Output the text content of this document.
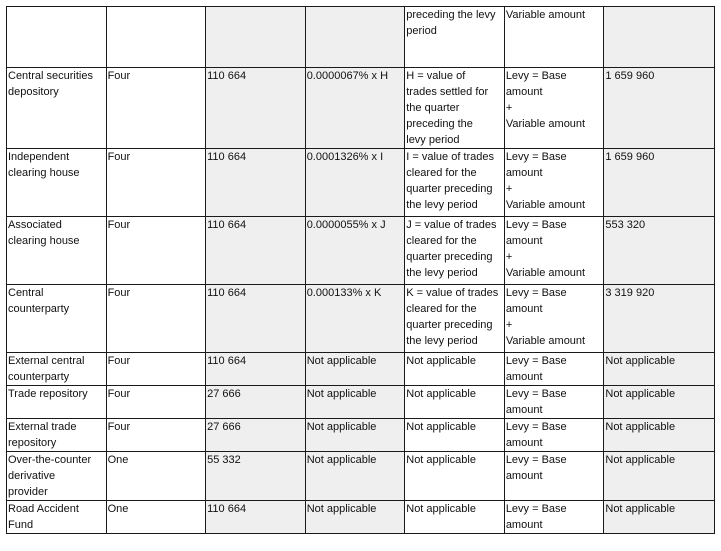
				preceding the levy
period	Variable amount	

Central securities
depository	Four	110 664	0.0000067% x H	H = value of
trades settled for
the quarter
preceding the
levy period	Levy = Base
amount
+
Variable amount	1 659 960

Independent
clearing house	Four	110 664	0.0001326% x I	I = value of trades
cleared for the
quarter preceding
the levy period	Levy = Base
amount
+
Variable amount	1 659 960

Associated
clearing house	Four	110 664	0.0000055% x J	J = value of trades
cleared for the
quarter preceding
the levy period	Levy = Base
amount
+
Variable amount	553 320

Central
counterparty	Four	110 664	0.000133% x K	K = value of trades
cleared for the
quarter preceding
the levy period	Levy = Base
amount
+
Variable amount	3 319 920

External central
counterparty	Four	110 664	Not applicable	Not applicable	Levy = Base
amount	Not applicable

Trade repository	Four	27 666	Not applicable	Not applicable	Levy = Base
amount	Not applicable

External trade
repository	Four	27 666	Not applicable	Not applicable	Levy = Base
amount	Not applicable

Over-the-counter
derivative
provider	One	55 332	Not applicable	Not applicable	Levy = Base
amount	Not applicable

Road Accident
Fund	One	110 664	Not applicable	Not applicable	Levy = Base
amount	Not applicable
